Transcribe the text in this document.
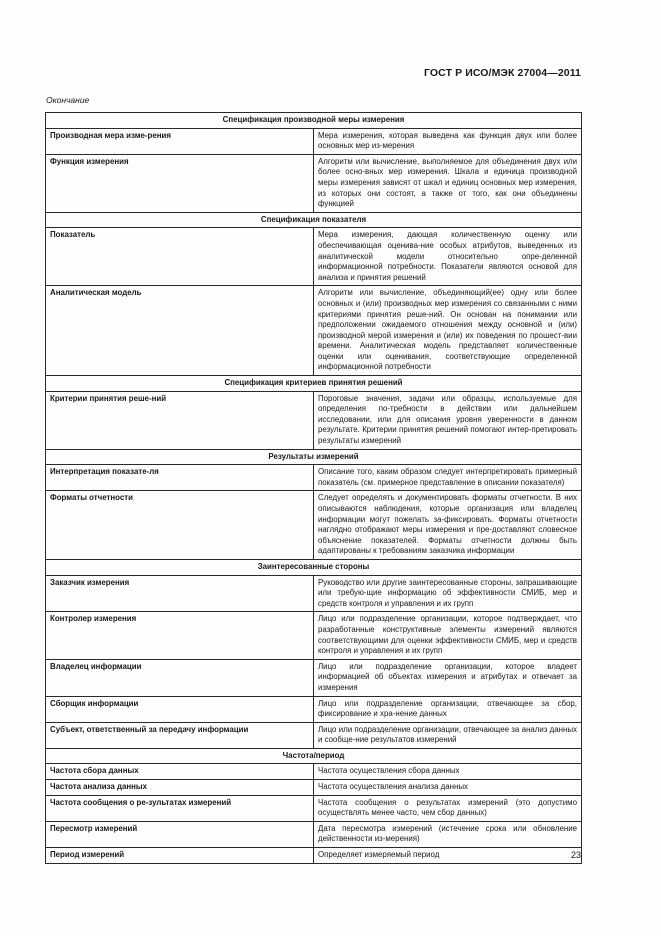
ГОСТ Р ИСО/МЭК 27004—2011
Окончание
Спецификация производной меры измерения	
Производная мера изме-рения	Мера измерения, которая выведена как функция двух или более основных мер из-мерения
Функция измерения	Алгоритм или вычисление, выполняемое для объединения двух или более осно-вных мер измерения. Шкала и единица производной меры измерения зависят от шкал и единиц основных мер измерения, из которых они состоят, а также от того, как они объединены функцией
Спецификация показателя	
Показатель	Мера измерения, дающая количественную оценку или обеспечивающая оценива-ние особых атрибутов, выведенных из аналитической модели относительно опре-деленной информационной потребности. Показатели являются основой для анализа и принятия решений
Аналитическая модель	Алгоритм или вычисление, объединяющий(ее) одну или более основных и (или) производных мер измерения со связанными с ними критериями принятия реше-ний. Он основан на понимании или предположении ожидаемого отношения между основной и (или) производной мерой измерения и (или) их поведения по прошест-вии времени. Аналитическая модель представляет количественные оценки или оценивания, соответствующие определенной информационной потребности
Спецификация критериев принятия решений	
Критерии принятия реше-ний	Пороговые значения, задачи или образцы, используемые для определения по-требности в действии или дальнейшем исследовании, или для описания уровня уверенности в данном результате. Критерии принятия решений помогают интер-претировать результаты измерений
Результаты измерений	
Интерпретация показате-ля	Описание того, каким образом следует интерпретировать примерный показатель (см. примерное представление в описании показателя)
Форматы отчетности	Следует определять и документировать форматы отчетности. В них описываются наблюдения, которые организация или владелец информации могут пожелать за-фиксировать. Форматы отчетности наглядно отображают меры измерения и пре-доставляют словесное объяснение показателей. Форматы отчетности должны быть адаптированы к требованиям заказчика информации
Заинтересованные стороны	
Заказчик измерения	Руководство или другие заинтересованные стороны, запрашивающие или требую-щие информацию об эффективности СМИБ, мер и средств контроля и управления и их групп
Контролер измерения	Лицо или подразделение организации, которое подтверждает, что разработанные конструктивные элементы измерений являются соответствующими для оценки эффективности СМИБ, мер и средств контроля и управления и их групп
Владелец информации	Лицо или подразделение организации, которое владеет информацией об объектах измерения и атрибутах и отвечает за измерения
Сборщик информации	Лицо или подразделение организации, отвечающее за сбор, фиксирование и хра-нение данных
Субъект, ответственный за передачу информации	Лицо или подразделение организации, отвечающее за анализ данных и сообще-ние результатов измерений
Частота/период	
Частота сбора данных	Частота осуществления сбора данных
Частота анализа данных	Частота осуществления анализа данных
Частота сообщения о ре-зультатах измерений	Частота сообщения о результатах измерений (это допустимо осуществлять менее часто, чем сбор данных)
Пересмотр измерений	Дата пересмотра измерений (истечение срока или обновление действенности из-мерения)
Период измерений	Определяет измеряемый период	23
